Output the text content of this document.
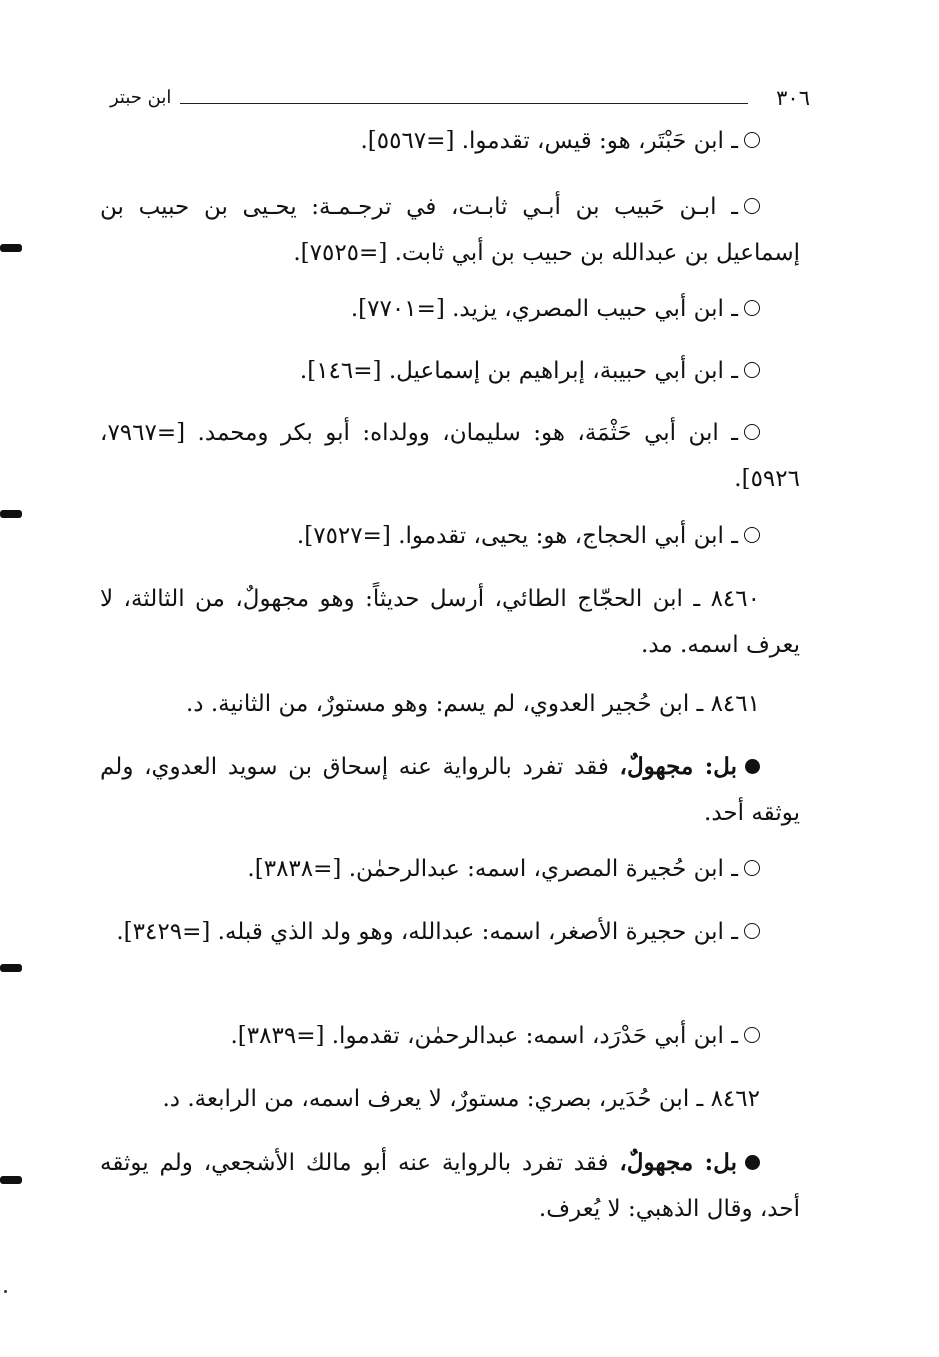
٣٠٦
ابن حبتر

ـ ابن حَبْتَر، هو: قيس، تقدموا. [=٥٥٦٧].

ـ ابـن حَبيب بن أبـي ثابـت، في ترجـمـة: يحـيى بن حبيب بن إسماعيل بن عبدالله بن حبيب بن أبي ثابت. [=٧٥٢٥].

ـ ابن أبي حبيب المصري، يزيد. [=٧٧٠١].

ـ ابن أبي حبيبة، إبراهيم بن إسماعيل. [=١٤٦].

ـ ابن أبي حَثْمَة، هو: سليمان، وولداه: أبو بكر ومحمد. [=٧٩٦٧، ٥٩٢٦].

ـ ابن أبي الحجاج، هو: يحيى، تقدموا. [=٧٥٢٧].

٨٤٦٠ ـ ابن الحجّاج الطائي، أرسل حديثاً: وهو مجهولٌ، من الثالثة، لا يعرف اسمه. مد.

٨٤٦١ ـ ابن حُجير العدوي، لم يسم: وهو مستورٌ، من الثانية. د.

بل: مجهولٌ، فقد تفرد بالرواية عنه إسحاق بن سويد العدوي، ولم يوثقه أحد.

ـ ابن حُجيرة المصري، اسمه: عبدالرحمٰن. [=٣٨٣٨].

ـ ابن حجيرة الأصغر، اسمه: عبدالله، وهو ولد الذي قبله. [=٣٤٢٩].

ـ ابن أبي حَدْرَد، اسمه: عبدالرحمٰن، تقدموا. [=٣٨٣٩].

٨٤٦٢ ـ ابن حُدَير، بصري: مستورٌ، لا يعرف اسمه، من الرابعة. د.

بل: مجهولٌ، فقد تفرد بالرواية عنه أبو مالك الأشجعي، ولم يوثقه أحد، وقال الذهبي: لا يُعرف.
